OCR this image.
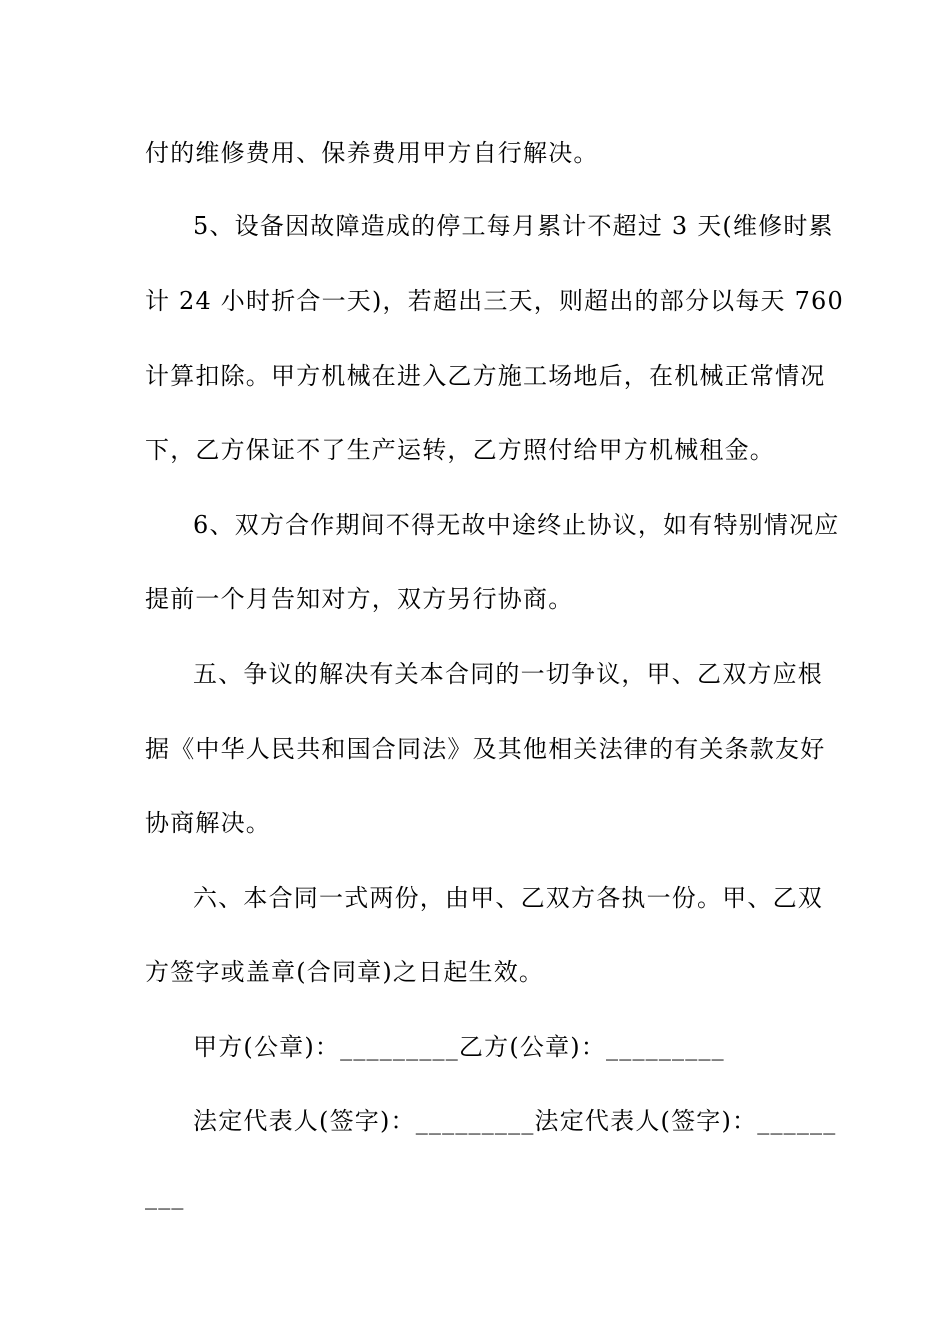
付的维修费用、保养费用甲方自行解决。
5、设备因故障造成的停工每月累计不超过 3 天(维修时累
计 24 小时折合一天)，若超出三天，则超出的部分以每天 760
计算扣除。甲方机械在进入乙方施工场地后，在机械正常情况
下，乙方保证不了生产运转，乙方照付给甲方机械租金。
6、双方合作期间不得无故中途终止协议，如有特别情况应
提前一个月告知对方，双方另行协商。
五、争议的解决有关本合同的一切争议，甲、乙双方应根
据《中华人民共和国合同法》及其他相关法律的有关条款友好
协商解决。
六、本合同一式两份，由甲、乙双方各执一份。甲、乙双
方签字或盖章(合同章)之日起生效。
甲方(公章)：_________乙方(公章)：_________
法定代表人(签字)：_________法定代表人(签字)：______
___
